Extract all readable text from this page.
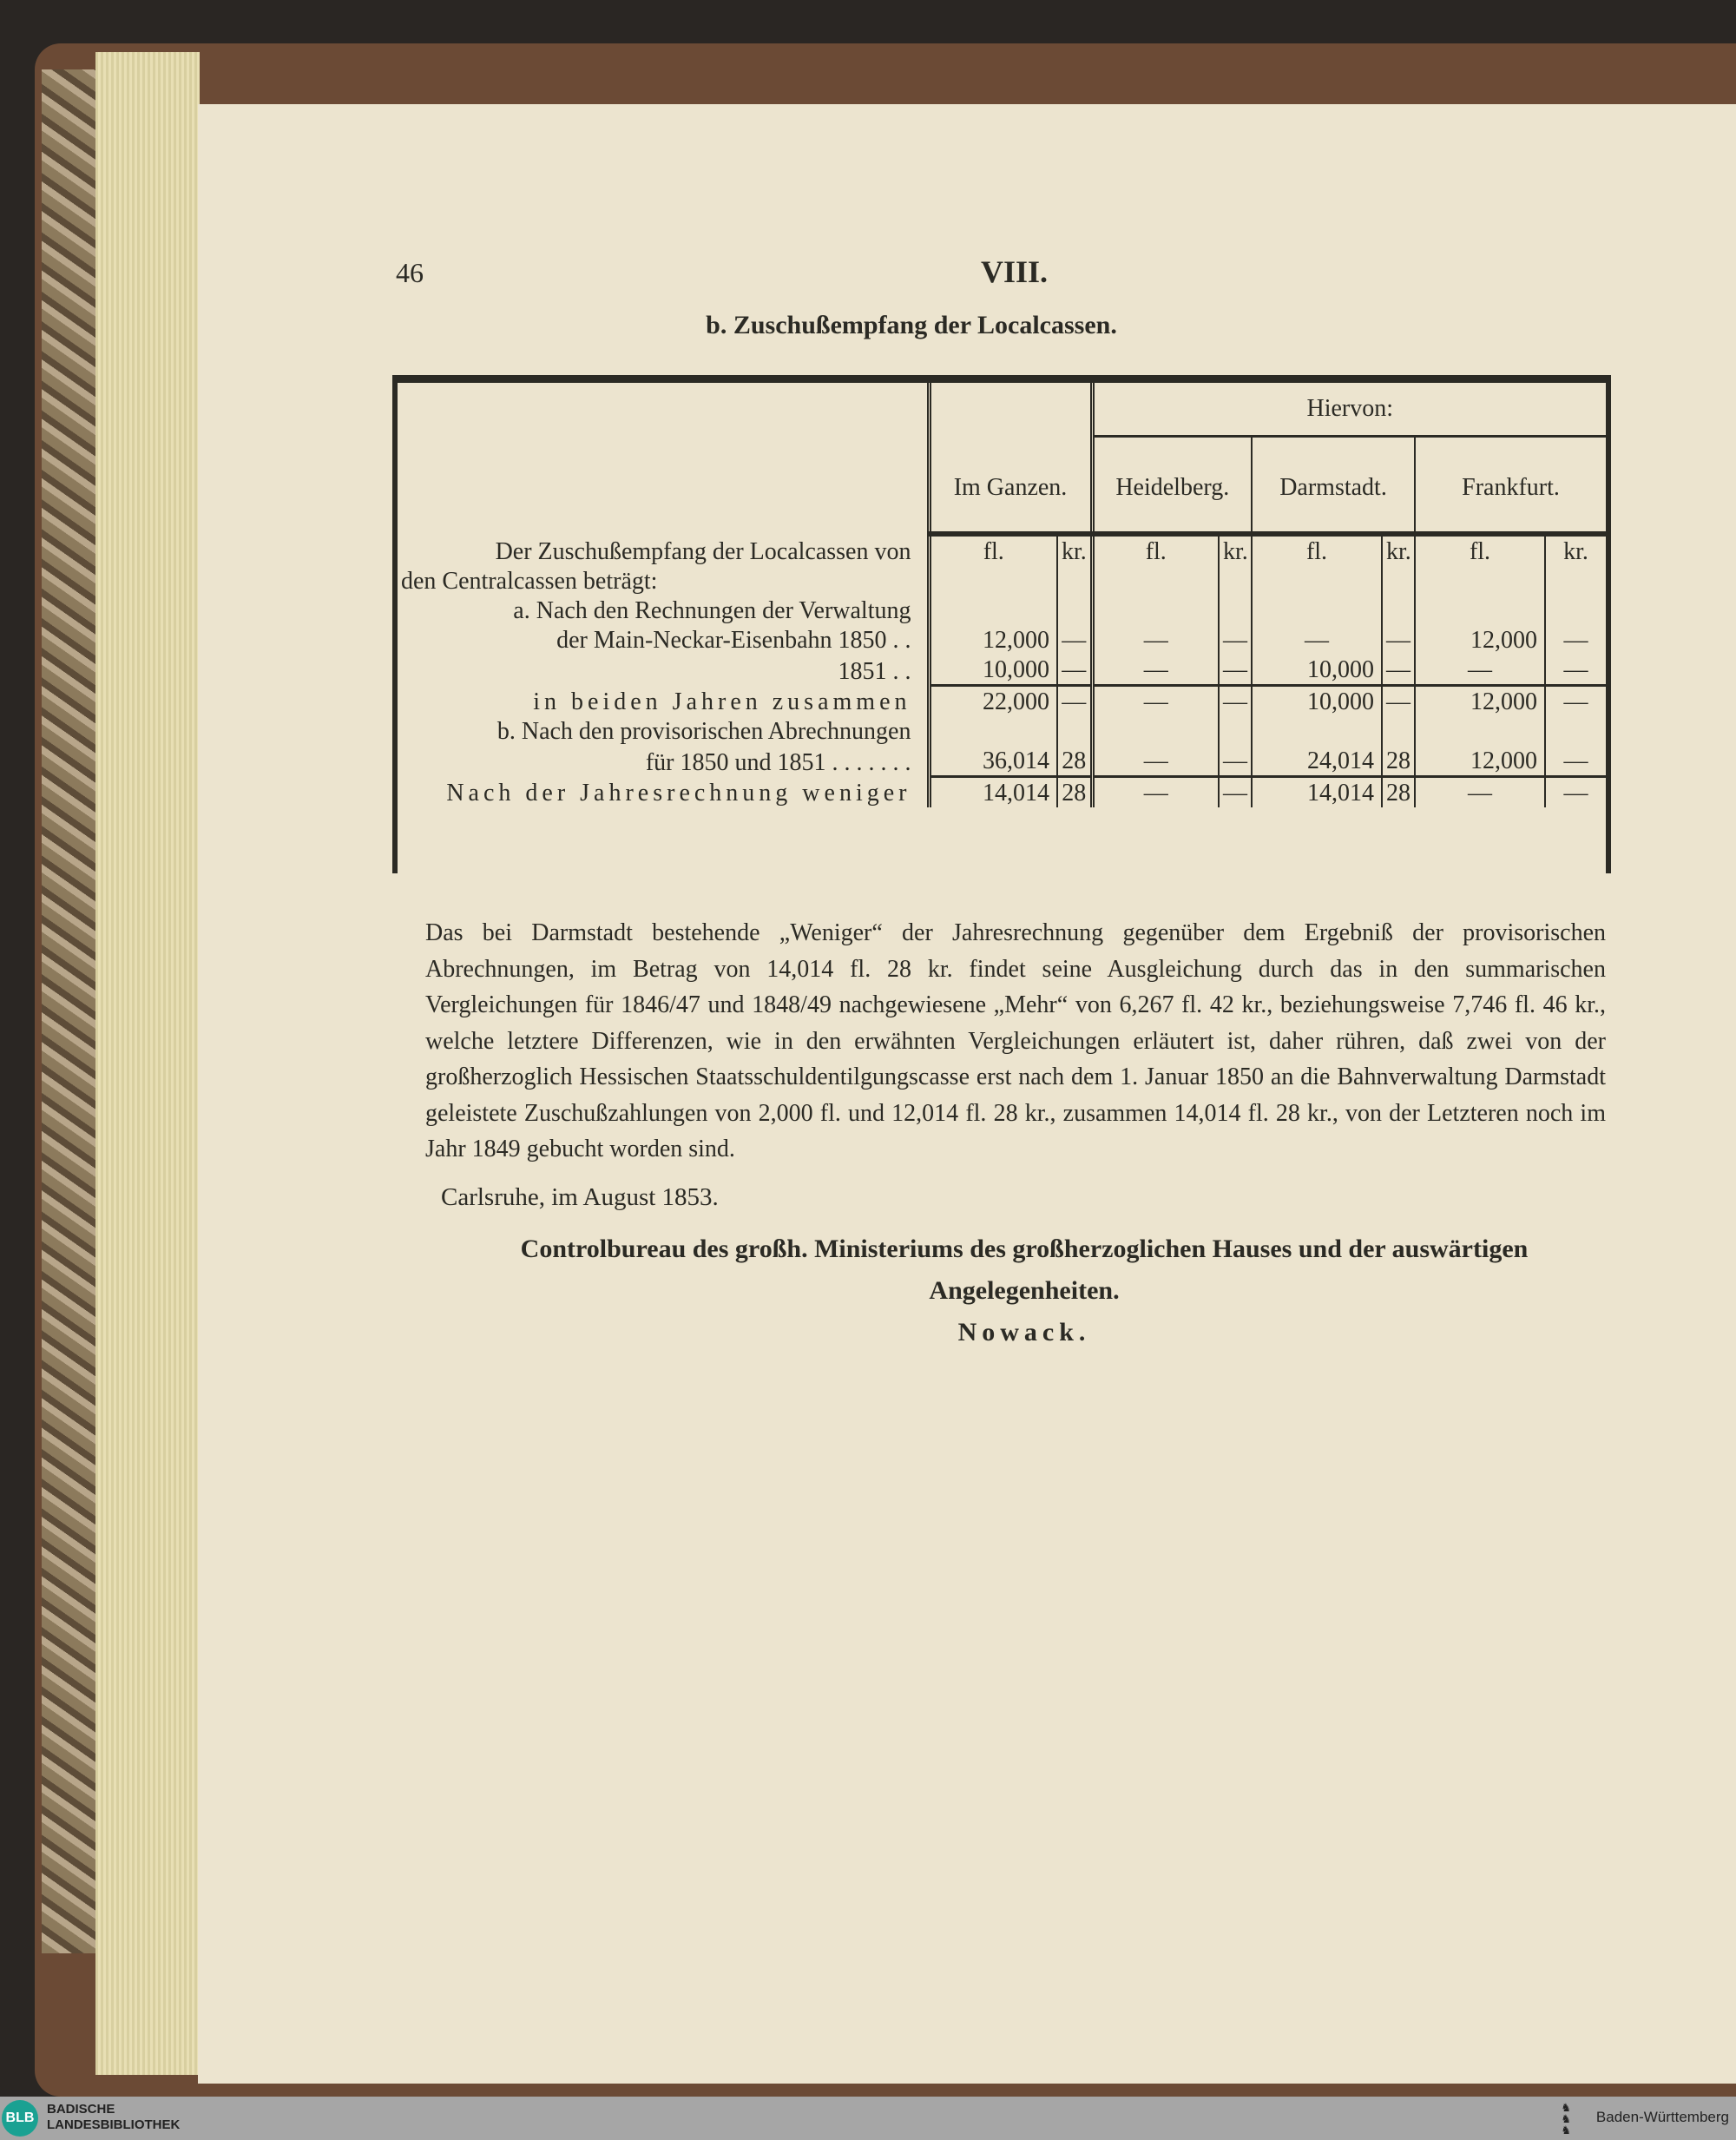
46	VIII.
b. Zuschußempfang der Localcassen.
	Im Ganzen.		Hiervon:					
			Heidelberg.		Darmstadt.		Frankfurt.	

Der Zuschußempfang der Localcassen von	fl.	kr.	fl.	kr.	fl.	kr.	fl.	kr.
den Centralcassen beträgt:								
a. Nach den Rechnungen der Verwaltung								
der Main-Neckar-Eisenbahn 1850 . .	12,000	—	—	—	—	—	12,000	—
1851 . .	10,000	—	—	—	10,000	—	—	—
in beiden Jahren zusammen	22,000	—	—	—	10,000	—	12,000	—
b. Nach den provisorischen Abrechnungen								
für 1850 und 1851 . . . . . . .	36,014	28	—	—	24,014	28	12,000	—
Nach der Jahresrechnung weniger	14,014	28	—	—	14,014	28	—	—

Das bei Darmstadt bestehende „Weniger“ der Jahresrechnung gegenüber dem Ergebniß der provisorischen Abrechnungen, im Betrag von 14,014 fl. 28 kr. findet seine Ausgleichung durch das in den summarischen Vergleichungen für 1846/47 und 1848/49 nachgewiesene „Mehr“ von 6,267 fl. 42 kr., beziehungsweise 7,746 fl. 46 kr., welche letztere Differenzen, wie in den erwähnten Vergleichungen erläutert ist, daher rühren, daß zwei von der großherzoglich Hessischen Staatsschuldentilgungscasse erst nach dem 1. Januar 1850 an die Bahnverwaltung Darmstadt geleistete Zuschußzahlungen von 2,000 fl. und 12,014 fl. 28 kr., zusammen 14,014 fl. 28 kr., von der Letzteren noch im Jahr 1849 gebucht worden sind.

Carlsruhe, im August 1853.
Controlbureau des großh. Ministeriums des großherzoglichen Hauses und der auswärtigen
Angelegenheiten.
Nowack.
BLB
BADISCHE
LANDESBIBLIOTHEK
♞
♞
♞
Baden-Württemberg
